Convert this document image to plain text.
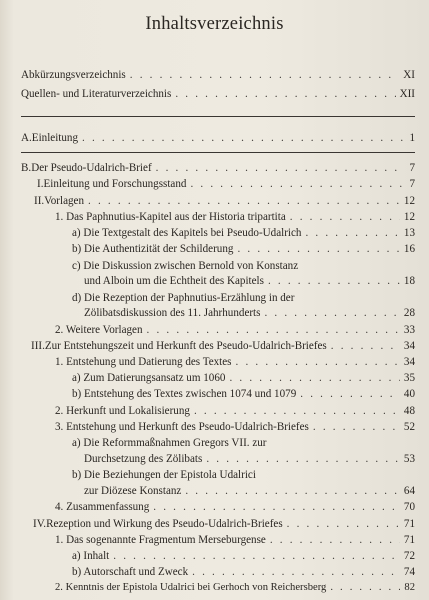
Inhaltsverzeichnis
Abkürzungsverzeichnis . . .	XI
Quellen- und Literaturverzeichnis . . .	XII
A. Einleitung . . .	1
B. Der Pseudo-Udalrich-Brief . . .	7
I. Einleitung und Forschungsstand . . .	7
II. Vorlagen . . .	12
1. Das Paphnutius-Kapitel aus der Historia tripartita . . .	12
a) Die Textgestalt des Kapitels bei Pseudo-Udalrich . . .	13
b) Die Authentizität der Schilderung . . .	16
c) Die Diskussion zwischen Bernold von Konstanz
und Alboin um die Echtheit des Kapitels . . .	18
d) Die Rezeption der Paphnutius-Erzählung in der
Zölibatsdiskussion des 11. Jahrhunderts . . .	28
2. Weitere Vorlagen . . .	33
III. Zur Entstehungszeit und Herkunft des Pseudo-Udalrich-Briefes . . .	34
1. Entstehung und Datierung des Textes . . .	34
a) Zum Datierungsansatz um 1060 . . .	35
b) Entstehung des Textes zwischen 1074 und 1079 . . .	40
2. Herkunft und Lokalisierung . . .	48
3. Entstehung und Herkunft des Pseudo-Udalrich-Briefes . . .	52
a) Die Reformmaßnahmen Gregors VII. zur
Durchsetzung des Zölibats . . .	53
b) Die Beziehungen der Epistola Udalrici
zur Diözese Konstanz . . .	64
4. Zusammenfassung . . .	70
IV. Rezeption und Wirkung des Pseudo-Udalrich-Briefes . . .	71
1. Das sogenannte Fragmentum Merseburgense . . .	71
a) Inhalt . . .	72
b) Autorschaft und Zweck . . .	74
2. Kenntnis der Epistola Udalrici bei Gerhoch von Reichersberg . . .	82
